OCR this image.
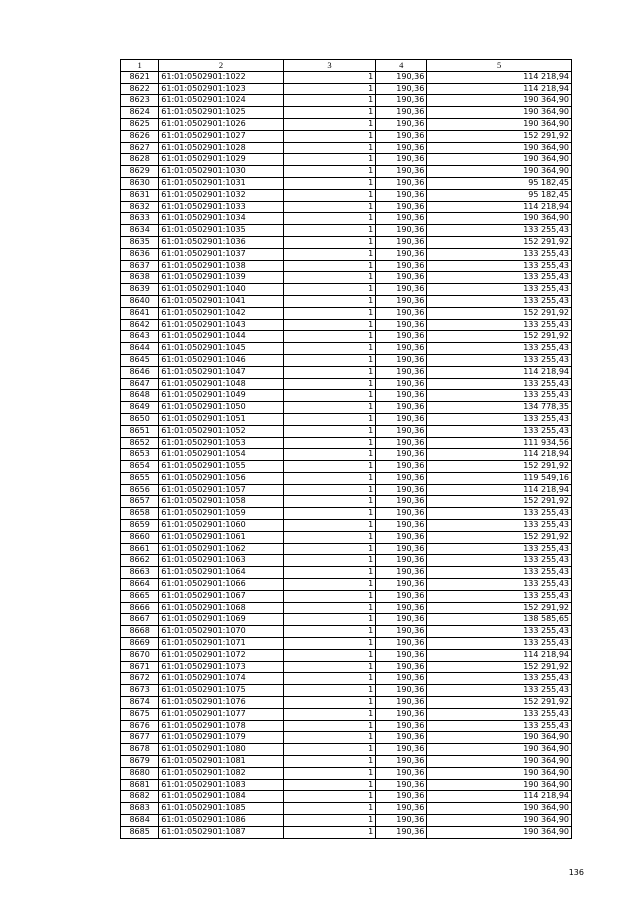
1	2	3	4	5
8621	61:01:0502901:1022	1	190,36	114 218,94
8622	61:01:0502901:1023	1	190,36	114 218,94
8623	61:01:0502901:1024	1	190,36	190 364,90
8624	61:01:0502901:1025	1	190,36	190 364,90
8625	61:01:0502901:1026	1	190,36	190 364,90
8626	61:01:0502901:1027	1	190,36	152 291,92
8627	61:01:0502901:1028	1	190,36	190 364,90
8628	61:01:0502901:1029	1	190,36	190 364,90
8629	61:01:0502901:1030	1	190,36	190 364,90
8630	61:01:0502901:1031	1	190,36	95 182,45
8631	61:01:0502901:1032	1	190,36	95 182,45
8632	61:01:0502901:1033	1	190,36	114 218,94
8633	61:01:0502901:1034	1	190,36	190 364,90
8634	61:01:0502901:1035	1	190,36	133 255,43
8635	61:01:0502901:1036	1	190,36	152 291,92
8636	61:01:0502901:1037	1	190,36	133 255,43
8637	61:01:0502901:1038	1	190,36	133 255,43
8638	61:01:0502901:1039	1	190,36	133 255,43
8639	61:01:0502901:1040	1	190,36	133 255,43
8640	61:01:0502901:1041	1	190,36	133 255,43
8641	61:01:0502901:1042	1	190,36	152 291,92
8642	61:01:0502901:1043	1	190,36	133 255,43
8643	61:01:0502901:1044	1	190,36	152 291,92
8644	61:01:0502901:1045	1	190,36	133 255,43
8645	61:01:0502901:1046	1	190,36	133 255,43
8646	61:01:0502901:1047	1	190,36	114 218,94
8647	61:01:0502901:1048	1	190,36	133 255,43
8648	61:01:0502901:1049	1	190,36	133 255,43
8649	61:01:0502901:1050	1	190,36	134 778,35
8650	61:01:0502901:1051	1	190,36	133 255,43
8651	61:01:0502901:1052	1	190,36	133 255,43
8652	61:01:0502901:1053	1	190,36	111 934,56
8653	61:01:0502901:1054	1	190,36	114 218,94
8654	61:01:0502901:1055	1	190,36	152 291,92
8655	61:01:0502901:1056	1	190,36	119 549,16
8656	61:01:0502901:1057	1	190,36	114 218,94
8657	61:01:0502901:1058	1	190,36	152 291,92
8658	61:01:0502901:1059	1	190,36	133 255,43
8659	61:01:0502901:1060	1	190,36	133 255,43
8660	61:01:0502901:1061	1	190,36	152 291,92
8661	61:01:0502901:1062	1	190,36	133 255,43
8662	61:01:0502901:1063	1	190,36	133 255,43
8663	61:01:0502901:1064	1	190,36	133 255,43
8664	61:01:0502901:1066	1	190,36	133 255,43
8665	61:01:0502901:1067	1	190,36	133 255,43
8666	61:01:0502901:1068	1	190,36	152 291,92
8667	61:01:0502901:1069	1	190,36	138 585,65
8668	61:01:0502901:1070	1	190,36	133 255,43
8669	61:01:0502901:1071	1	190,36	133 255,43
8670	61:01:0502901:1072	1	190,36	114 218,94
8671	61:01:0502901:1073	1	190,36	152 291,92
8672	61:01:0502901:1074	1	190,36	133 255,43
8673	61:01:0502901:1075	1	190,36	133 255,43
8674	61:01:0502901:1076	1	190,36	152 291,92
8675	61:01:0502901:1077	1	190,36	133 255,43
8676	61:01:0502901:1078	1	190,36	133 255,43
8677	61:01:0502901:1079	1	190,36	190 364,90
8678	61:01:0502901:1080	1	190,36	190 364,90
8679	61:01:0502901:1081	1	190,36	190 364,90
8680	61:01:0502901:1082	1	190,36	190 364,90
8681	61:01:0502901:1083	1	190,36	190 364,90
8682	61:01:0502901:1084	1	190,36	114 218,94
8683	61:01:0502901:1085	1	190,36	190 364,90
8684	61:01:0502901:1086	1	190,36	190 364,90
8685	61:01:0502901:1087	1	190,36	190 364,90
136
